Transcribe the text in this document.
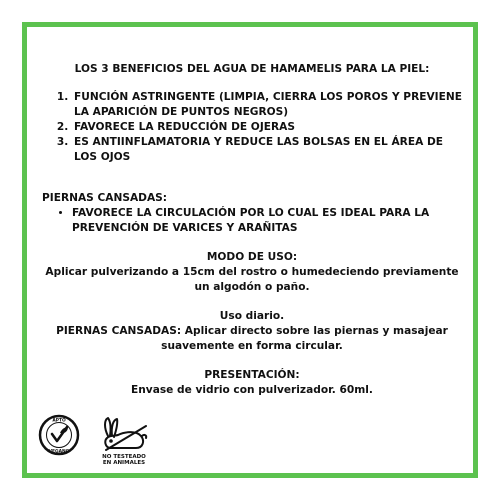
LOS 3 BENEFICIOS DEL AGUA DE HAMAMELIS PARA LA PIEL:
1. FUNCIÓN ASTRINGENTE (LIMPIA, CIERRA LOS POROS Y PREVIENE LA APARICIÓN DE PUNTOS NEGROS)
2. FAVORECE LA REDUCCIÓN DE OJERAS
3. ES ANTIINFLAMATORIA Y REDUCE LAS BOLSAS EN EL ÁREA DE LOS OJOS
PIERNAS CANSADAS:
• FAVORECE LA CIRCULACIÓN POR LO CUAL ES IDEAL PARA LA PREVENCIÓN DE VARICES Y ARAÑITAS
MODO DE USO:
Aplicar pulverizando a 15cm del rostro o humedeciendo previamente un algodón o paño.
Uso diario.
PIERNAS CANSADAS: Aplicar directo sobre las piernas y masajear suavemente en forma circular.
PRESENTACIÓN:
Envase de vidrio con pulverizador. 60ml.
APTO
VEGANO
NO TESTEADO
EN ANIMALES
